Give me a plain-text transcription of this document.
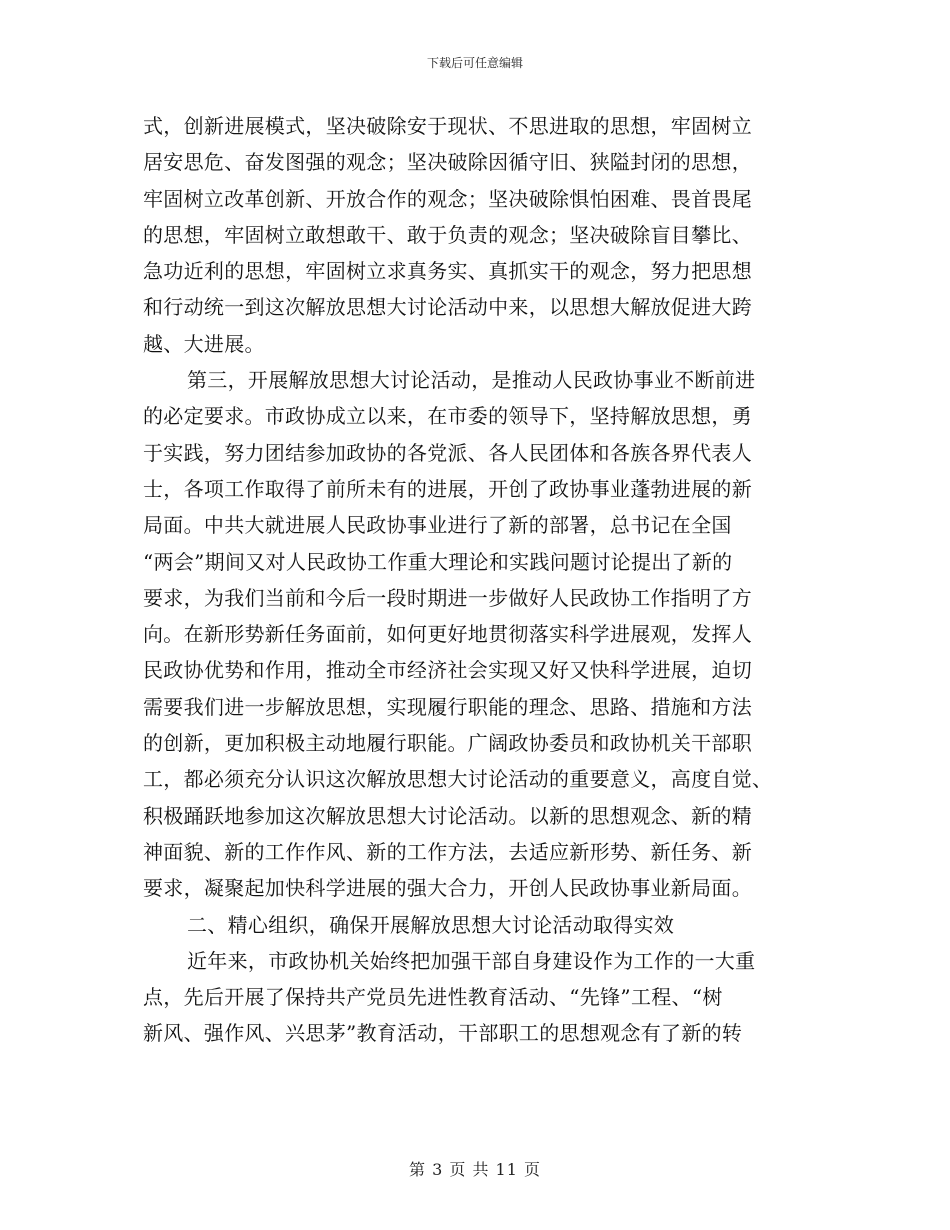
下载后可任意编辑
式，创新进展模式，坚决破除安于现状、不思进取的思想，牢固树立
居安思危、奋发图强的观念；坚决破除因循守旧、狭隘封闭的思想，
牢固树立改革创新、开放合作的观念；坚决破除惧怕困难、畏首畏尾
的思想，牢固树立敢想敢干、敢于负责的观念；坚决破除盲目攀比、
急功近利的思想，牢固树立求真务实、真抓实干的观念，努力把思想
和行动统一到这次解放思想大讨论活动中来，以思想大解放促进大跨
越、大进展。
第三，开展解放思想大讨论活动，是推动人民政协事业不断前进
的必定要求。市政协成立以来，在市委的领导下，坚持解放思想，勇
于实践，努力团结参加政协的各党派、各人民团体和各族各界代表人
士，各项工作取得了前所未有的进展，开创了政协事业蓬勃进展的新
局面。中共大就进展人民政协事业进行了新的部署，总书记在全国
“两会”期间又对人民政协工作重大理论和实践问题讨论提出了新的
要求，为我们当前和今后一段时期进一步做好人民政协工作指明了方
向。在新形势新任务面前，如何更好地贯彻落实科学进展观，发挥人
民政协优势和作用，推动全市经济社会实现又好又快科学进展，迫切
需要我们进一步解放思想，实现履行职能的理念、思路、措施和方法
的创新，更加积极主动地履行职能。广阔政协委员和政协机关干部职
工，都必须充分认识这次解放思想大讨论活动的重要意义，高度自觉、
积极踊跃地参加这次解放思想大讨论活动。以新的思想观念、新的精
神面貌、新的工作作风、新的工作方法，去适应新形势、新任务、新
要求，凝聚起加快科学进展的强大合力，开创人民政协事业新局面。
二、精心组织，确保开展解放思想大讨论活动取得实效
近年来，市政协机关始终把加强干部自身建设作为工作的一大重
点，先后开展了保持共产党员先进性教育活动、“先锋”工程、“树
新风、强作风、兴思茅”教育活动，干部职工的思想观念有了新的转
第 3 页 共 11 页
